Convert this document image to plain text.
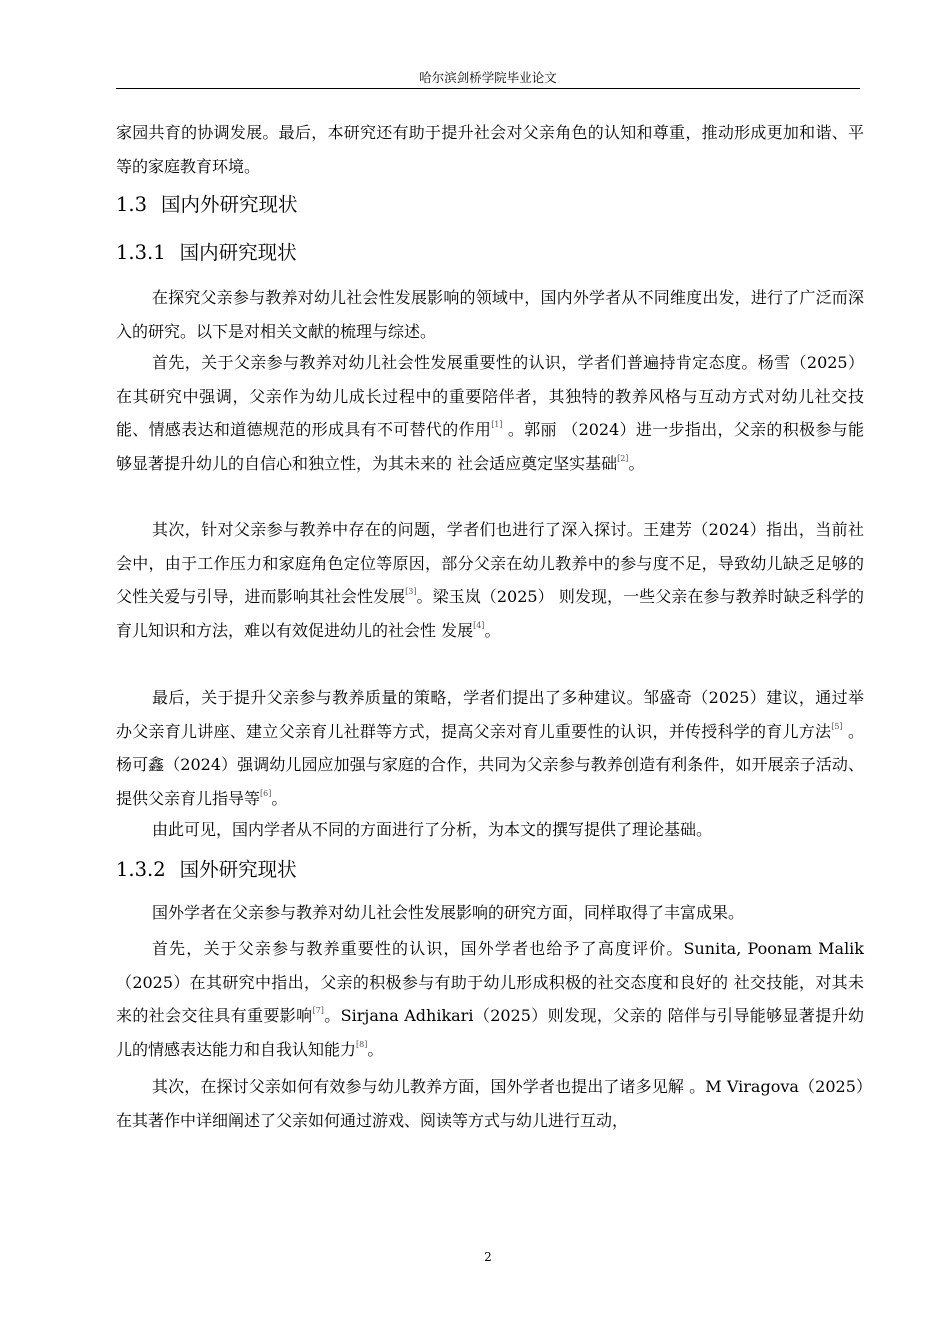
哈尔滨剑桥学院毕业论文

家园共育的协调发展。最后，本研究还有助于提升社会对父亲角色的认知和尊重，推动形成更加和谐、平等的家庭教育环境。

1.3 国内外研究现状
1.3.1 国内研究现状

在探究父亲参与教养对幼儿社会性发展影响的领域中，国内外学者从不同维度出发，进行了广泛而深入的研究。以下是对相关文献的梳理与综述。

首先，关于父亲参与教养对幼儿社会性发展重要性的认识，学者们普遍持肯定态度。杨雪（2025）在其研究中强调，父亲作为幼儿成长过程中的重要陪伴者，其独特的教养风格与互动方式对幼儿社交技能、情感表达和道德规范的形成具有不可替代的作用[1] 。郭丽 （2024）进一步指出，父亲的积极参与能够显著提升幼儿的自信心和独立性，为其未来的 社会适应奠定坚实基础[2]。

其次，针对父亲参与教养中存在的问题，学者们也进行了深入探讨。王建芳（2024）指出，当前社会中，由于工作压力和家庭角色定位等原因，部分父亲在幼儿教养中的参与度不足，导致幼儿缺乏足够的父性关爱与引导，进而影响其社会性发展[3]。梁玉岚（2025） 则发现，一些父亲在参与教养时缺乏科学的育儿知识和方法，难以有效促进幼儿的社会性 发展[4]。

最后，关于提升父亲参与教养质量的策略，学者们提出了多种建议。邹盛奇（2025）建议，通过举办父亲育儿讲座、建立父亲育儿社群等方式，提高父亲对育儿重要性的认识，并传授科学的育儿方法[5] 。杨可鑫（2024）强调幼儿园应加强与家庭的合作，共同为父亲参与教养创造有利条件，如开展亲子活动、提供父亲育儿指导等[6]。

由此可见，国内学者从不同的方面进行了分析，为本文的撰写提供了理论基础。

1.3.2 国外研究现状

国外学者在父亲参与教养对幼儿社会性发展影响的研究方面，同样取得了丰富成果。

首先，关于父亲参与教养重要性的认识，国外学者也给予了高度评价。Sunita, Poonam Malik（2025）在其研究中指出，父亲的积极参与有助于幼儿形成积极的社交态度和良好的 社交技能，对其未来的社会交往具有重要影响[7]。Sirjana Adhikari（2025）则发现，父亲的 陪伴与引导能够显著提升幼儿的情感表达能力和自我认知能力[8]。

其次，在探讨父亲如何有效参与幼儿教养方面，国外学者也提出了诸多见解 。M Viragova（2025）在其著作中详细阐述了父亲如何通过游戏、阅读等方式与幼儿进行互动，

2
